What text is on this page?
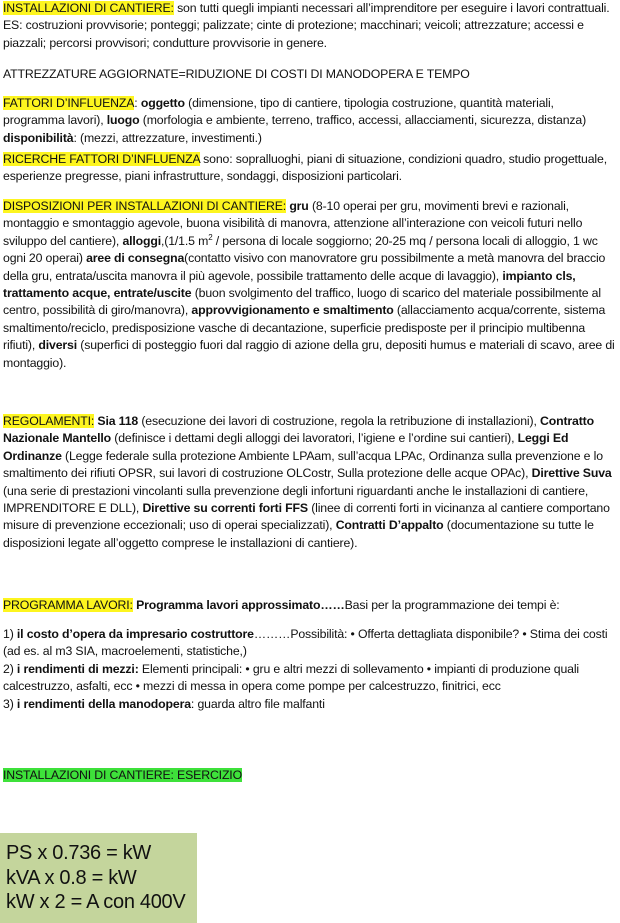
INSTALLAZIONI DI CANTIERE: son tutti quegli impianti necessari all’imprenditore per eseguire i lavori contrattuali. ES: costruzioni provvisorie; ponteggi; palizzate; cinte di protezione; macchinari; veicoli; attrezzature; accessi e piazzali; percorsi provvisori; condutture provvisorie in genere.

ATTREZZATURE AGGIORNATE=RIDUZIONE DI COSTI DI MANODOPERA E TEMPO

FATTORI D’INFLUENZA: oggetto (dimensione, tipo di cantiere, tipologia costruzione, quantità materiali, programma lavori), luogo (morfologia e ambiente, terreno, traffico, accessi, allacciamenti, sicurezza, distanza) disponibilità: (mezzi, attrezzature, investimenti.)

RICERCHE FATTORI D’INFLUENZA sono: sopralluoghi, piani di situazione, condizioni quadro, studio progettuale, esperienze pregresse, piani infrastrutture, sondaggi, disposizioni particolari.

DISPOSIZIONI PER INSTALLAZIONI DI CANTIERE: gru (8-10 operai per gru, movimenti brevi e razionali, montaggio e smontaggio agevole, buona visibilità di manovra, attenzione all’interazione con veicoli futuri nello sviluppo del cantiere), alloggi,(1/1.5 $m^2$ / persona di locale soggiorno; 20-25 mq / persona locali di alloggio, 1 wc ogni 20 operai) aree di consegna(contatto visivo con manovratore gru possibilmente a metà manovra del braccio della gru, entrata/uscita manovra il più agevole, possibile trattamento delle acque di lavaggio), impianto cls, trattamento acque, entrate/uscite (buon svolgimento del traffico, luogo di scarico del materiale possibilmente al centro, possibilità di giro/manovra), approvvigionamento e smaltimento (allacciamento acqua/corrente, sistema smaltimento/reciclo, predisposizione vasche di decantazione, superficie predisposte per il principio multibenna rifiuti), diversi (superfici di posteggio fuori dal raggio di azione della gru, depositi humus e materiali di scavo, aree di montaggio).

REGOLAMENTI: Sia 118 (esecuzione dei lavori di costruzione, regola la retribuzione di installazioni), Contratto Nazionale Mantello (definisce i dettami degli alloggi dei lavoratori, l’igiene e l’ordine sui cantieri), Leggi Ed Ordinanze (Legge federale sulla protezione Ambiente LPAam, sull’acqua LPAc, Ordinanza sulla prevenzione e lo smaltimento dei rifiuti OPSR, sui lavori di costruzione OLCostr, Sulla protezione delle acque OPAc), Direttive Suva (una serie di prestazioni vincolanti sulla prevenzione degli infortuni riguardanti anche le installazioni di cantiere, IMPRENDITORE E DLL), Direttive su correnti forti FFS (linee di correnti forti in vicinanza al cantiere comportano misure di prevenzione eccezionali; uso di operai specializzati), Contratti D’appalto (documentazione su tutte le disposizioni legate all’oggetto comprese le installazioni di cantiere).

PROGRAMMA LAVORI: Programma lavori approssimato……Basi per la programmazione dei tempi è:

1) il costo d’opera da impresario costruttore………Possibilità: • Offerta dettagliata disponibile? • Stima dei costi (ad es. al m3 SIA, macroelementi, statistiche,)
2) i rendimenti di mezzi: Elementi principali: • gru e altri mezzi di sollevamento • impianti di produzione quali calcestruzzo, asfalti, ecc • mezzi di messa in opera come pompe per calcestruzzo, finitrici, ecc
3) i rendimenti della manodopera: guarda altro file malfanti

INSTALLAZIONI DI CANTIERE: ESERCIZIO

PS x 0.736 = kW
kVA x 0.8 = kW
kW x 2 = A con 400V
